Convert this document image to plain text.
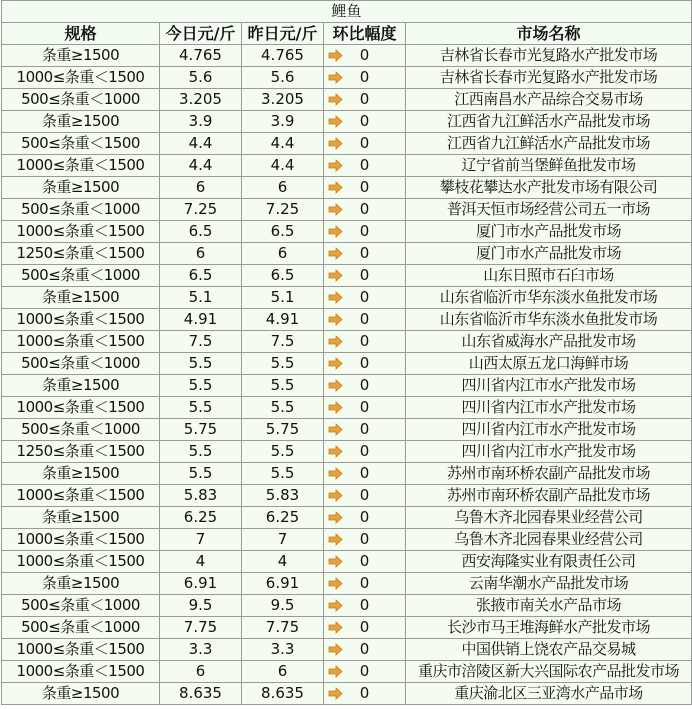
鲤鱼				
规格	今日元/斤	昨日元/斤	环比幅度	市场名称
条重≥1500	4.765	4.765	0	吉林省长春市光复路水产批发市场
1000≤条重＜1500	5.6	5.6	0	吉林省长春市光复路水产批发市场
500≤条重＜1000	3.205	3.205	0	江西南昌水产品综合交易市场
条重≥1500	3.9	3.9	0	江西省九江鲜活水产品批发市场
500≤条重＜1500	4.4	4.4	0	江西省九江鲜活水产品批发市场
1000≤条重＜1500	4.4	4.4	0	辽宁省前当堡鲜鱼批发市场
条重≥1500	6	6	0	攀枝花攀达水产批发市场有限公司
500≤条重＜1000	7.25	7.25	0	普洱天恒市场经营公司五一市场
1000≤条重＜1500	6.5	6.5	0	厦门市水产品批发市场
1250≤条重＜1500	6	6	0	厦门市水产品批发市场
500≤条重＜1000	6.5	6.5	0	山东日照市石臼市场
条重≥1500	5.1	5.1	0	山东省临沂市华东淡水鱼批发市场
1000≤条重＜1500	4.91	4.91	0	山东省临沂市华东淡水鱼批发市场
1000≤条重＜1500	7.5	7.5	0	山东省威海水产品批发市场
500≤条重＜1000	5.5	5.5	0	山西太原五龙口海鲜市场
条重≥1500	5.5	5.5	0	四川省内江市水产批发市场
1000≤条重＜1500	5.5	5.5	0	四川省内江市水产批发市场
500≤条重＜1000	5.75	5.75	0	四川省内江市水产批发市场
1250≤条重＜1500	5.5	5.5	0	四川省内江市水产批发市场
条重≥1500	5.5	5.5	0	苏州市南环桥农副产品批发市场
1000≤条重＜1500	5.83	5.83	0	苏州市南环桥农副产品批发市场
条重≥1500	6.25	6.25	0	乌鲁木齐北园春果业经营公司
1000≤条重＜1500	7	7	0	乌鲁木齐北园春果业经营公司
1000≤条重＜1500	4	4	0	西安海隆实业有限责任公司
条重≥1500	6.91	6.91	0	云南华潮水产品批发市场
500≤条重＜1000	9.5	9.5	0	张掖市南关水产品市场
500≤条重＜1000	7.75	7.75	0	长沙市马王堆海鲜水产批发市场
1000≤条重＜1500	3.3	3.3	0	中国供销上饶农产品交易城
1000≤条重＜1500	6	6	0	重庆市涪陵区新大兴国际农产品批发市场
条重≥1500	8.635	8.635	0	重庆渝北区三亚湾水产品市场
